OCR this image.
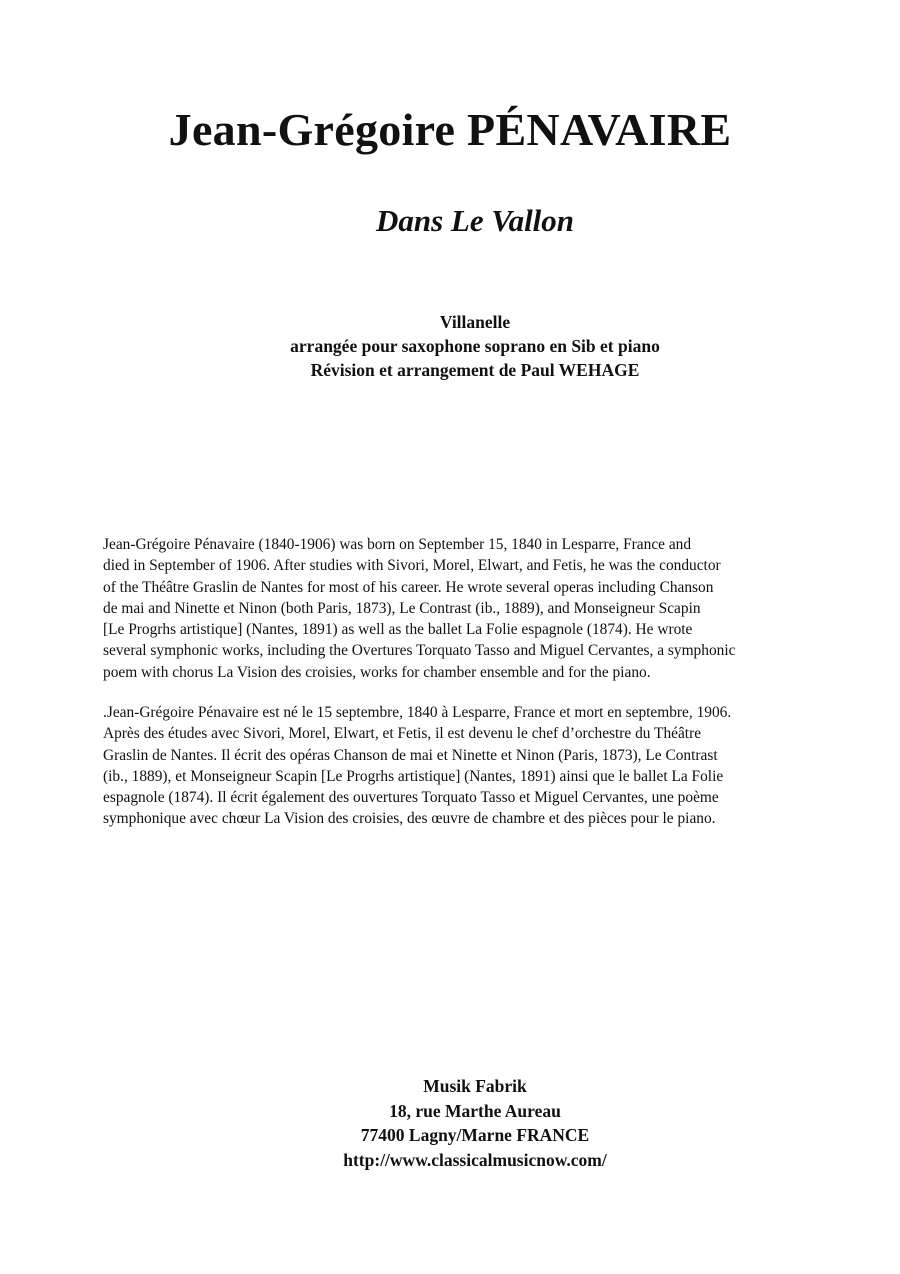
Jean-Grégoire PÉNAVAIRE
Dans Le Vallon
Villanelle
arrangée pour saxophone soprano en Sib et piano
Révision et arrangement de Paul WEHAGE
Jean-Grégoire Pénavaire (1840-1906) was born on September 15, 1840 in Lesparre, France and
died in September of 1906. After studies with Sivori, Morel, Elwart, and Fetis, he was the conductor
of the Théâtre Graslin de Nantes for most of his career. He wrote several operas including Chanson
de mai and Ninette et Ninon (both Paris, 1873), Le Contrast (ib., 1889), and Monseigneur Scapin
[Le Progrhs artistique] (Nantes, 1891) as well as the ballet La Folie espagnole (1874). He wrote
several symphonic works, including the Overtures Torquato Tasso and Miguel Cervantes, a symphonic
poem with chorus La Vision des croisies, works for chamber ensemble and for the piano.
.Jean-Grégoire Pénavaire est né le 15 septembre, 1840 à Lesparre, France et mort en septembre, 1906.
Après des études avec Sivori, Morel, Elwart, et Fetis, il est devenu le chef d’orchestre du Théâtre
Graslin de Nantes. Il écrit des opéras Chanson de mai et Ninette et Ninon (Paris, 1873), Le Contrast
(ib., 1889), et Monseigneur Scapin [Le Progrhs artistique] (Nantes, 1891) ainsi que le ballet La Folie
espagnole (1874). Il écrit également des ouvertures Torquato Tasso et Miguel Cervantes, une poème
symphonique avec chœur La Vision des croisies, des œuvre de chambre et des pièces pour le piano.
Musik Fabrik
18, rue Marthe Aureau
77400 Lagny/Marne FRANCE
http://www.classicalmusicnow.com/
